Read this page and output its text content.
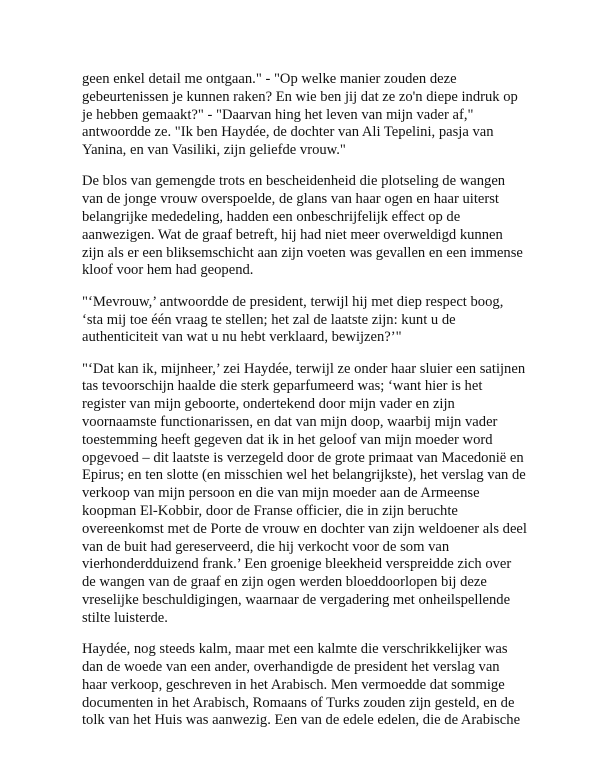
geen enkel detail me ontgaan." - "Op welke manier zouden deze
gebeurtenissen je kunnen raken? En wie ben jij dat ze zo'n diepe indruk op
je hebben gemaakt?" - "Daarvan hing het leven van mijn vader af,"
antwoordde ze. "Ik ben Haydée, de dochter van Ali Tepelini, pasja van
Yanina, en van Vasiliki, zijn geliefde vrouw."

De blos van gemengde trots en bescheidenheid die plotseling de wangen
van de jonge vrouw overspoelde, de glans van haar ogen en haar uiterst
belangrijke mededeling, hadden een onbeschrijfelijk effect op de
aanwezigen. Wat de graaf betreft, hij had niet meer overweldigd kunnen
zijn als er een bliksemschicht aan zijn voeten was gevallen en een immense
kloof voor hem had geopend.

"‘Mevrouw,’ antwoordde de president, terwijl hij met diep respect boog,
‘sta mij toe één vraag te stellen; het zal de laatste zijn: kunt u de
authenticiteit van wat u nu hebt verklaard, bewijzen?’"

"‘Dat kan ik, mijnheer,’ zei Haydée, terwijl ze onder haar sluier een satijnen
tas tevoorschijn haalde die sterk geparfumeerd was; ‘want hier is het
register van mijn geboorte, ondertekend door mijn vader en zijn
voornaamste functionarissen, en dat van mijn doop, waarbij mijn vader
toestemming heeft gegeven dat ik in het geloof van mijn moeder word
opgevoed – dit laatste is verzegeld door de grote primaat van Macedonië en
Epirus; en ten slotte (en misschien wel het belangrijkste), het verslag van de
verkoop van mijn persoon en die van mijn moeder aan de Armeense
koopman El-Kobbir, door de Franse officier, die in zijn beruchte
overeenkomst met de Porte de vrouw en dochter van zijn weldoener als deel
van de buit had gereserveerd, die hij verkocht voor de som van
vierhonderdduizend frank.’ Een groenige bleekheid verspreidde zich over
de wangen van de graaf en zijn ogen werden bloeddoorlopen bij deze
vreselijke beschuldigingen, waarnaar de vergadering met onheilspellende
stilte luisterde.

Haydée, nog steeds kalm, maar met een kalmte die verschrikkelijker was
dan de woede van een ander, overhandigde de president het verslag van
haar verkoop, geschreven in het Arabisch. Men vermoedde dat sommige
documenten in het Arabisch, Romaans of Turks zouden zijn gesteld, en de
tolk van het Huis was aanwezig. Een van de edele edelen, die de Arabische
